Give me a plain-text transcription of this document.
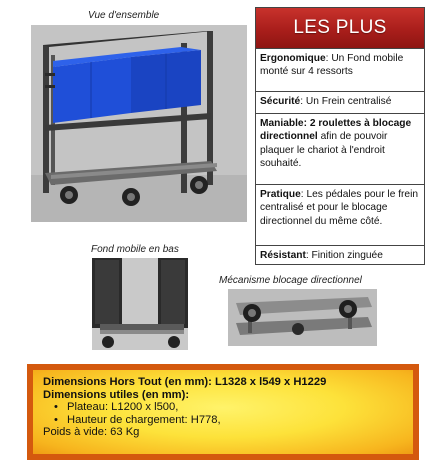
Vue d'ensemble
Fond mobile en bas
Mécanisme blocage directionnel
LES PLUS
Ergonomique: Un Fond mobile monté sur 4 ressorts
Sécurité: Un Frein centralisé
Maniable: 2 roulettes à blocage directionnel afin de pouvoir plaquer le chariot à l'endroit souhaité.
Pratique: Les pédales pour le frein centralisé et pour le blocage directionnel du même côté.
Résistant: Finition zinguée
Dimensions Hors Tout (en mm): L1328 x l549 x H1229
Dimensions utiles (en mm):
• Plateau: L1200 x l500,
• Hauteur de chargement: H778,
Poids à vide: 63 Kg
